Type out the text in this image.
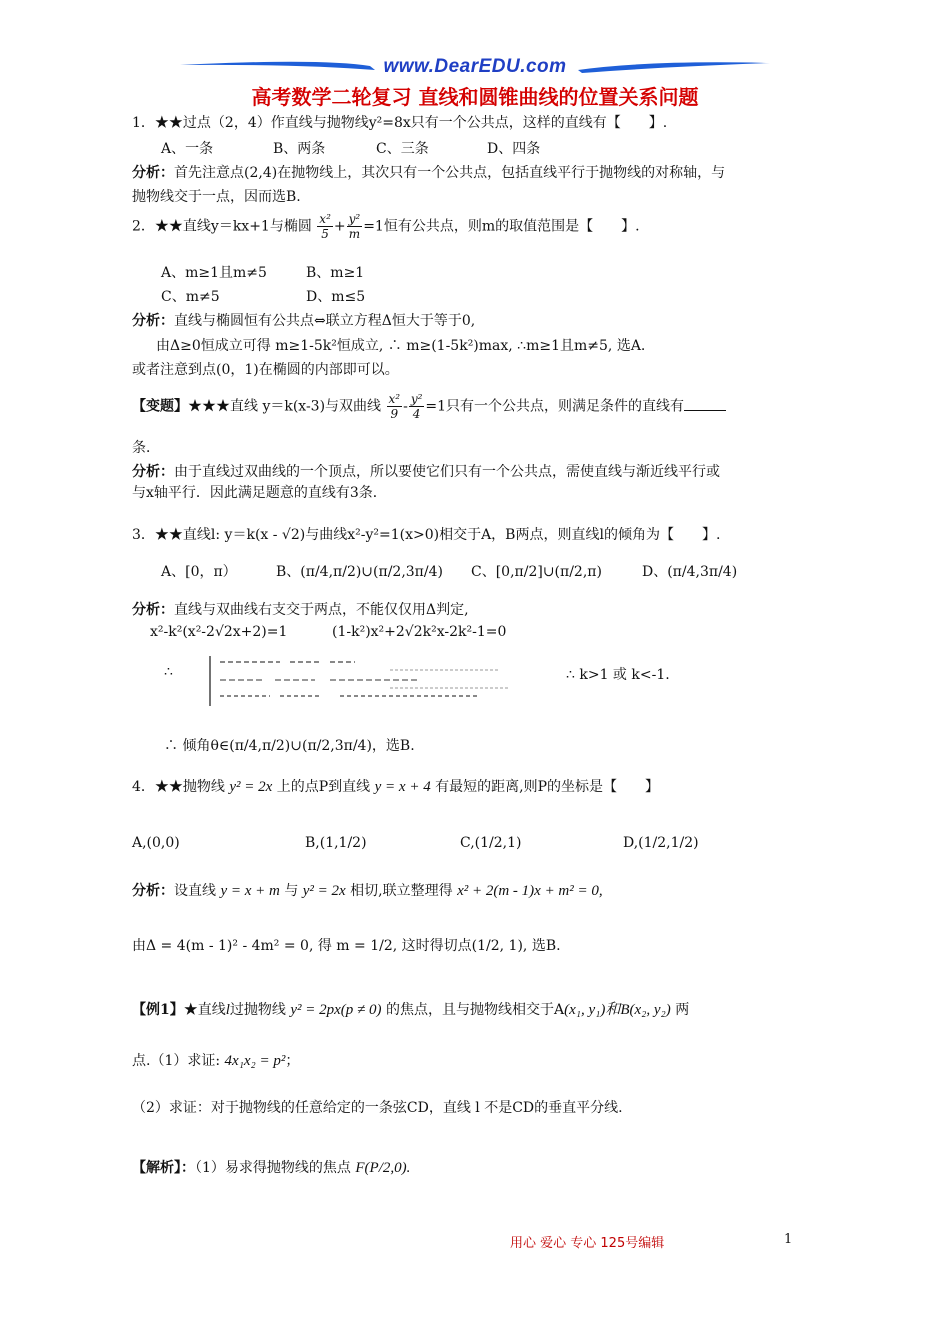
www.DearEDU.com
高考数学二轮复习 直线和圆锥曲线的位置关系问题
1．★★过点（2，4）作直线与抛物线y²=8x只有一个公共点，这样的直线有【　　】.
A、一条	B、两条	C、三条	D、四条
分析：首先注意点(2,4)在抛物线上，其次只有一个公共点，包括直线平行于抛物线的对称轴，与
抛物线交于一点，因而选B.
2．★★直线y＝kx+1与椭圆 $\frac{\text{x²}}{5} + \frac{\text{y²}}{m} =1$恒有公共点，则m的取值范围是【　　】.
A、m≥1且m≠5	B、m≥1
C、m≠5	D、m≤5
分析：直线与椭圆恒有公共点⇔联立方程Δ恒大于等于0,
由Δ≥0恒成立可得 m≥1-5k²恒成立, ∴ m≥(1-5k²)max, ∴m≥1且m≠5, 选A.
或者注意到点(0，1)在椭圆的内部即可以。
【变题】★★★直线 y＝k(x-3)与双曲线 $\frac{\text{x²}}{9} - \frac{\text{y²}}{4} =1$只有一个公共点，则满足条件的直线有
条．
分析：由于直线过双曲线的一个顶点，所以要使它们只有一个公共点，需使直线与渐近线平行或
与x轴平行．因此满足题意的直线有3条．
3．★★直线l: y＝k(x - √2)与曲线x²-y²=1(x>0)相交于A，B两点，则直线l的倾角为【　　】.
A、[0，π）	B、(π/4,π/2)∪(π/2,3π/4) C、[0,π/2]∪(π/2,π)	D、(π/4,3π/4)
分析：直线与双曲线右支交于两点，不能仅仅用Δ判定,
x²-k²(x²-2√2x+2)=1	(1-k²)x²+2√2k²x-2k²-1=0
∴	∴ k>1 或 k<-1.
∴ 倾角θ∈(π/4,π/2)∪(π/2,3π/4)，选B.
4．★★抛物线 y² = 2x 上的点P到直线 y = x + 4 有最短的距离,则P的坐标是【　　】
A,(0,0)	B,(1,1/2)	C,(1/2,1)	D,(1/2,1/2)
分析：设直线 y = x + m 与 y² = 2x 相切,联立整理得 x² + 2(m - 1)x + m² = 0,
由Δ = 4(m - 1)² - 4m² = 0, 得 m = 1/2, 这时得切点(1/2, 1), 选B.
【例1】★直线l过抛物线 y² = 2px(p ≠ 0) 的焦点，且与抛物线相交于A(x₁, y₁)和B(x₂, y₂) 两
点.（1）求证: 4x₁x₂ = p²；
（2）求证：对于抛物线的任意给定的一条弦CD，直线 l 不是CD的垂直平分线.
【解析】：（1）易求得抛物线的焦点 F(P/2,0).
用心 爱心 专心 125号编辑	1
